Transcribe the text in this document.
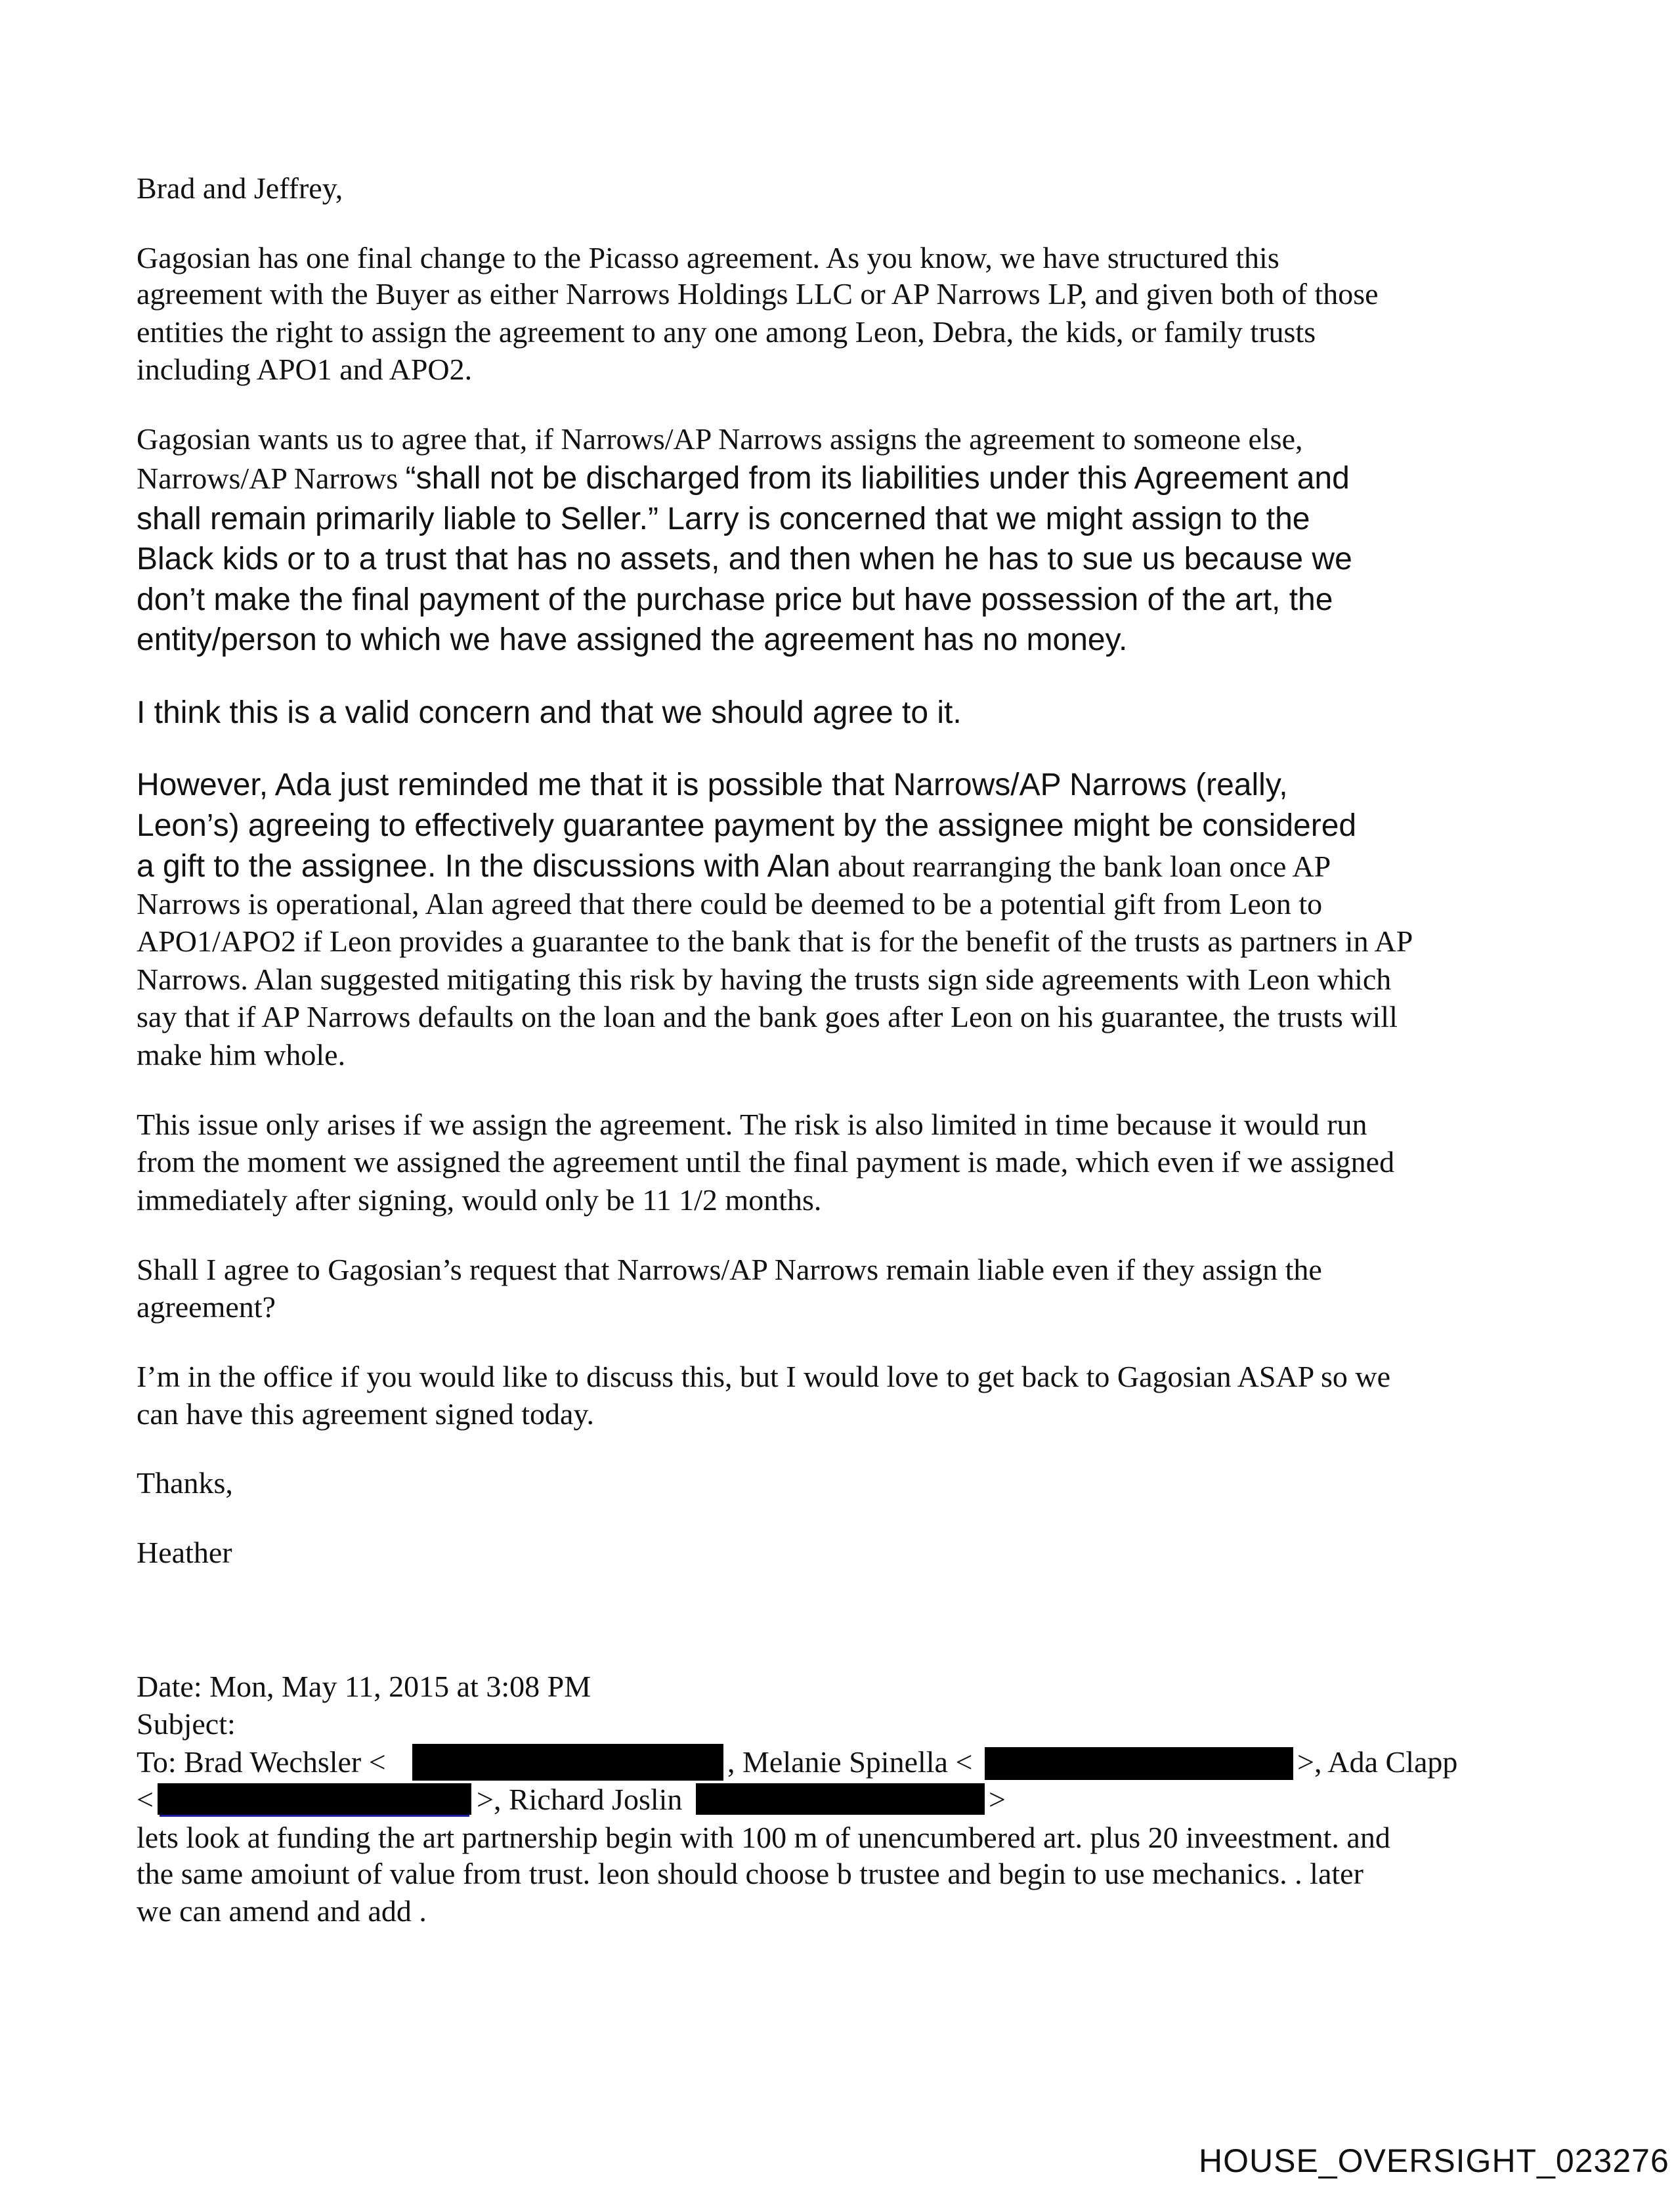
Brad and Jeffrey,
Gagosian has one final change to the Picasso agreement. As you know, we have structured this
agreement with the Buyer as either Narrows Holdings LLC or AP Narrows LP, and given both of those
entities the right to assign the agreement to any one among Leon, Debra, the kids, or family trusts
including APO1 and APO2.
Gagosian wants us to agree that, if Narrows/AP Narrows assigns the agreement to someone else,
Narrows/AP Narrows “shall not be discharged from its liabilities under this Agreement and
shall remain primarily liable to Seller.” Larry is concerned that we might assign to the
Black kids or to a trust that has no assets, and then when he has to sue us because we
don’t make the final payment of the purchase price but have possession of the art, the
entity/person to which we have assigned the agreement has no money.
I think this is a valid concern and that we should agree to it.
However, Ada just reminded me that it is possible that Narrows/AP Narrows (really,
Leon’s) agreeing to effectively guarantee payment by the assignee might be considered
a gift to the assignee. In the discussions with Alan about rearranging the bank loan once AP
Narrows is operational, Alan agreed that there could be deemed to be a potential gift from Leon to
APO1/APO2 if Leon provides a guarantee to the bank that is for the benefit of the trusts as partners in AP
Narrows. Alan suggested mitigating this risk by having the trusts sign side agreements with Leon which
say that if AP Narrows defaults on the loan and the bank goes after Leon on his guarantee, the trusts will
make him whole.
This issue only arises if we assign the agreement. The risk is also limited in time because it would run
from the moment we assigned the agreement until the final payment is made, which even if we assigned
immediately after signing, would only be 11 1/2 months.
Shall I agree to Gagosian’s request that Narrows/AP Narrows remain liable even if they assign the
agreement?
I’m in the office if you would like to discuss this, but I would love to get back to Gagosian ASAP so we
can have this agreement signed today.
Thanks,
Heather
Date: Mon, May 11, 2015 at 3:08 PM
Subject:
To: Brad Wechsler <	, Melanie Spinella <	>, Ada Clapp
<	>, Richard Joslin	>
lets look at funding the art partnership begin with 100 m of unencumbered art. plus 20 inveestment. and
the same amoiunt of value from trust. leon should choose b trustee and begin to use mechanics. . later
we can amend and add .
HOUSE_OVERSIGHT_023276
